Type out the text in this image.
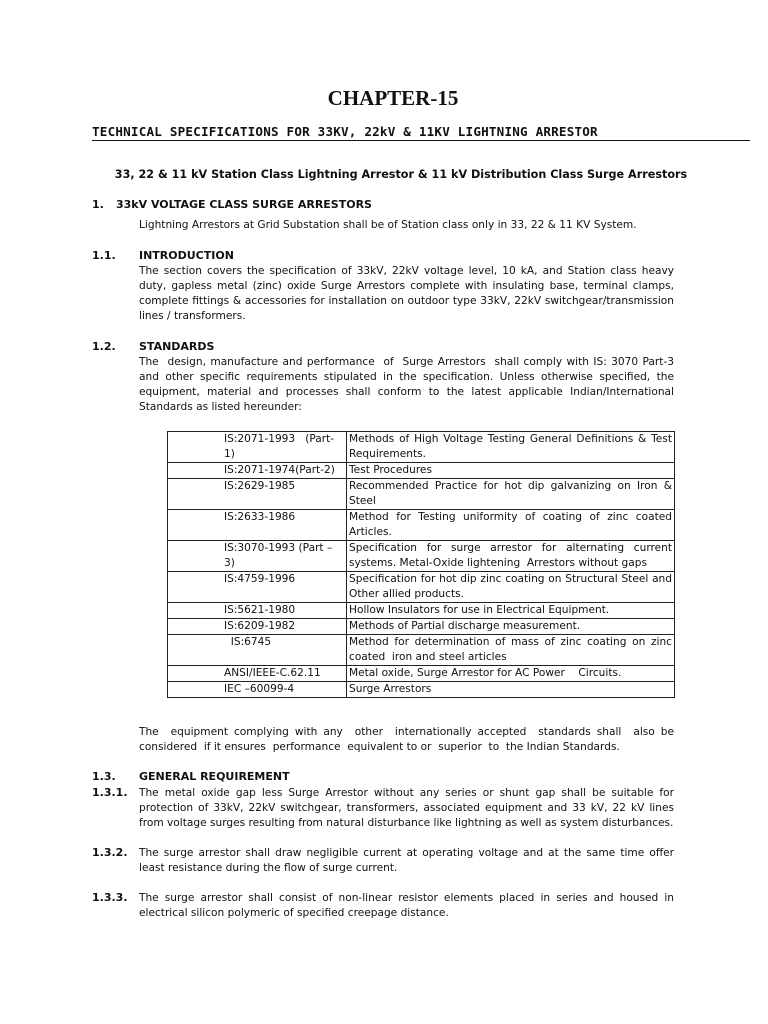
CHAPTER-15
TECHNICAL SPECIFICATIONS FOR 33KV, 22kV & 11KV LIGHTNING ARRESTOR
33, 22 & 11 kV Station Class Lightning Arrestor & 11 kV Distribution Class Surge Arrestors
1. 33kV VOLTAGE CLASS SURGE ARRESTORS
Lightning Arrestors at Grid Substation shall be of Station class only in 33, 22 & 11 KV System.
1.1. INTRODUCTION
The section covers the specification of 33kV, 22kV voltage level, 10 kA, and Station class heavy duty, gapless metal (zinc) oxide Surge Arrestors complete with insulating base, terminal clamps, complete fittings & accessories for installation on outdoor type 33kV, 22kV switchgear/transmission lines / transformers.
1.2. STANDARDS
The  design, manufacture and performance  of  Surge Arrestors  shall comply with IS: 3070 Part-3 and other specific requirements stipulated in the specification. Unless otherwise specified, the equipment, material and processes shall conform to the latest applicable Indian/International Standards as listed hereunder:
	IS:2071-1993   (Part-1)	Methods of High Voltage Testing General Definitions & Test Requirements.
	IS:2071-1974(Part-2)	Test Procedures
	IS:2629-1985	Recommended Practice for hot dip galvanizing on Iron &   Steel
	IS:2633-1986	Method for Testing uniformity of coating of zinc coated Articles.
	IS:3070-1993 (Part – 3)	Specification for surge arrestor for alternating current systems. Metal-Oxide lightening  Arrestors without gaps
	IS:4759-1996	Specification for hot dip zinc coating on Structural Steel and Other allied products.
	IS:5621-1980	Hollow Insulators for use in Electrical Equipment.
	IS:6209-1982	Methods of Partial discharge measurement.
	IS:6745	Method for determination of mass of zinc coating on zinc coated  iron and steel articles
	ANSI/IEEE-C.62.11	Metal oxide, Surge Arrestor for AC Power    Circuits.
	IEC –60099-4	Surge Arrestors
The  equipment complying with any  other  internationally accepted  standards shall  also be considered  if it ensures  performance  equivalent to or  superior  to  the Indian Standards.
1.3. GENERAL REQUIREMENT
1.3.1. The metal oxide gap less Surge Arrestor without any series or shunt gap shall be suitable for protection of 33kV, 22kV switchgear, transformers, associated equipment and 33 kV, 22 kV lines from voltage surges resulting from natural disturbance like lightning as well as system disturbances.
1.3.2. The surge arrestor shall draw negligible current at operating voltage and at the same time offer least resistance during the flow of surge current.
1.3.3. The surge arrestor shall consist of non-linear resistor elements placed in series and housed in electrical silicon polymeric of specified creepage distance.
